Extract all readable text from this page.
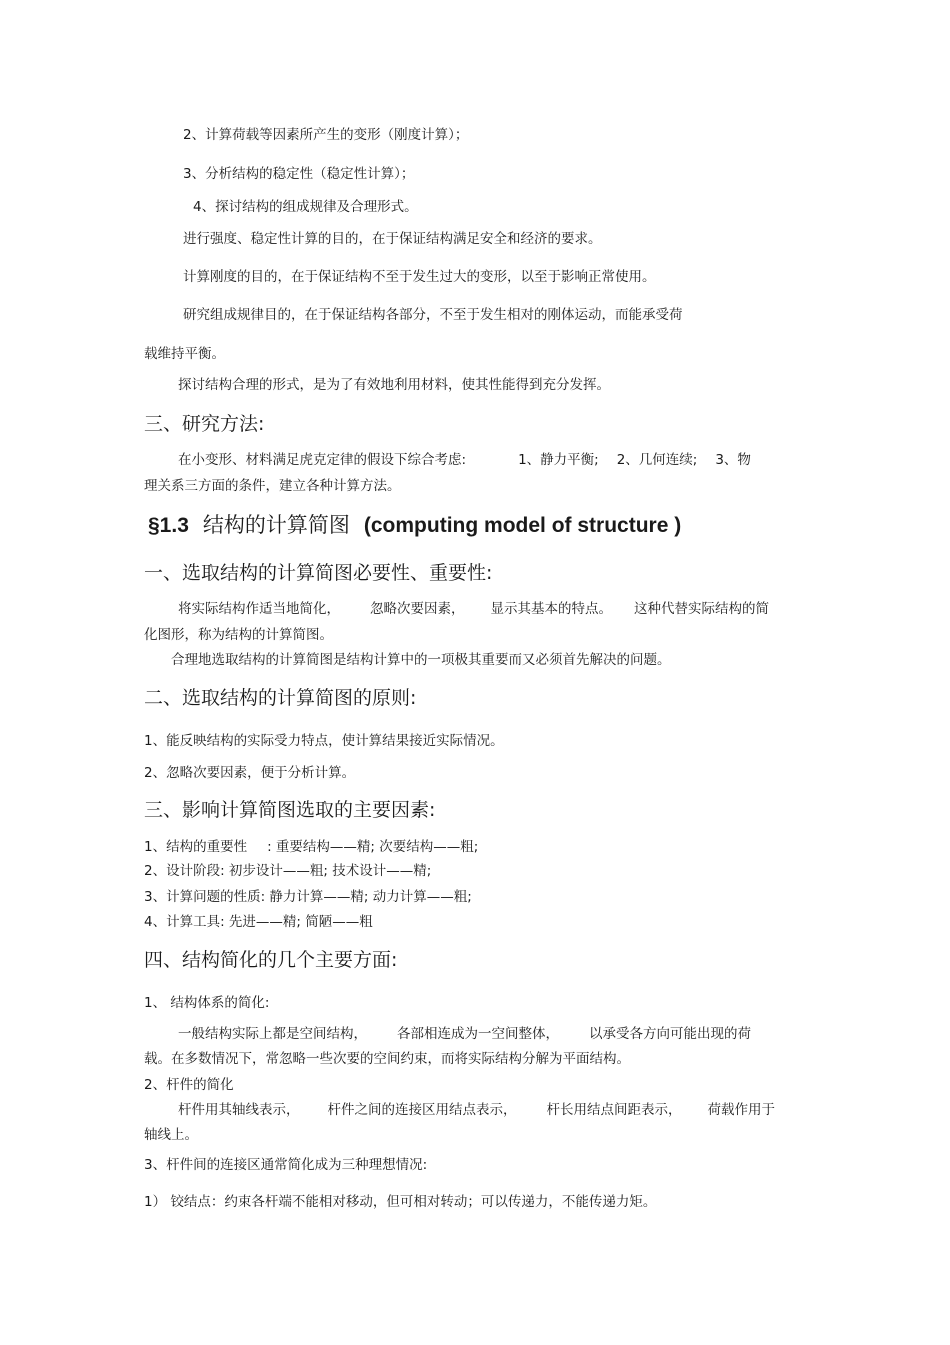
2、计算荷载等因素所产生的变形（刚度计算）；
3、分析结构的稳定性（稳定性计算）；
4、探讨结构的组成规律及合理形式。
进行强度、稳定性计算的目的，在于保证结构满足安全和经济的要求。
计算刚度的目的，在于保证结构不至于发生过大的变形，以至于影响正常使用。
研究组成规律目的，在于保证结构各部分，不至于发生相对的刚体运动，而能承受荷
载维持平衡。
探讨结构合理的形式，是为了有效地利用材料，使其性能得到充分发挥。
三、研究方法:
在小变形、材料满足虎克定律的假设下综合考虑:	1、静力平衡; 2、几何连续; 3、物
理关系三方面的条件，建立各种计算方法。
§1.3 结构的计算简图 (computing model of structure )
一、选取结构的计算简图必要性、重要性:
将实际结构作适当地简化， 忽略次要因素， 显示其基本的特点。 这种代替实际结构的简
化图形，称为结构的计算简图。
合理地选取结构的计算简图是结构计算中的一项极其重要而又必须首先解决的问题。
二、选取结构的计算简图的原则:
1、能反映结构的实际受力特点，使计算结果接近实际情况。
2、忽略次要因素，便于分析计算。
三、影响计算简图选取的主要因素:
1、结构的重要性 : 重要结构——精; 次要结构——粗;
2、设计阶段: 初步设计——粗; 技术设计——精;
3、计算问题的性质: 静力计算——精; 动力计算——粗;
4、计算工具: 先进——精; 简陋——粗
四、结构简化的几个主要方面:
1、 结构体系的简化:
一般结构实际上都是空间结构， 各部相连成为一空间整体， 以承受各方向可能出现的荷
载。在多数情况下，常忽略一些次要的空间约束，而将实际结构分解为平面结构。
2、杆件的简化
杆件用其轴线表示， 杆件之间的连接区用结点表示， 杆长用结点间距表示， 荷载作用于
轴线上。
3、杆件间的连接区通常简化成为三种理想情况:
1） 铰结点：约束各杆端不能相对移动，但可相对转动；可以传递力，不能传递力矩。
